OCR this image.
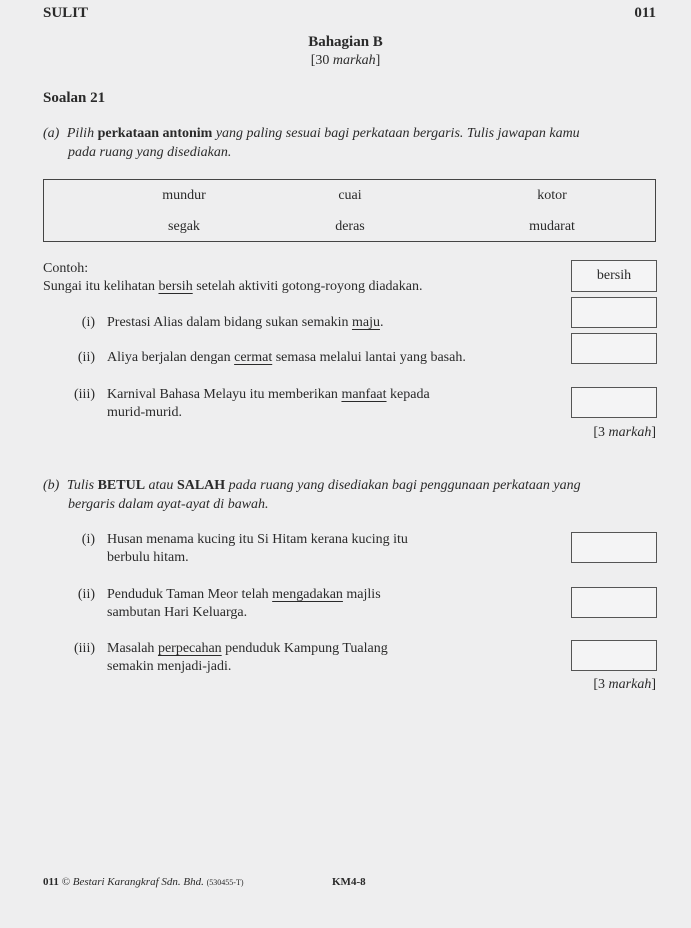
SULIT	011
Bahagian B
[30 markah]
Soalan 21
(a) Pilih perkataan antonim yang paling sesuai bagi perkataan bergaris. Tulis jawapan kamu
pada ruang yang disediakan.
mundur	cuai	kotor
segak	deras	mudarat
Contoh:
Sungai itu kelihatan bersih setelah aktiviti gotong-royong diadakan.
bersih
(i) Prestasi Alias dalam bidang sukan semakin maju.
(ii) Aliya berjalan dengan cermat semasa melalui lantai yang basah.
(iii) Karnival Bahasa Melayu itu memberikan manfaat kepada
murid-murid.
[3 markah]
(b) Tulis BETUL atau SALAH pada ruang yang disediakan bagi penggunaan perkataan yang
bergaris dalam ayat-ayat di bawah.
(i) Husan menama kucing itu Si Hitam kerana kucing itu
berbulu hitam.
(ii) Penduduk Taman Meor telah mengadakan majlis
sambutan Hari Keluarga.
(iii) Masalah perpecahan penduduk Kampung Tualang
semakin menjadi-jadi.
[3 markah]
011 © Bestari Karangkraf Sdn. Bhd. (530455-T)	KM4-8
